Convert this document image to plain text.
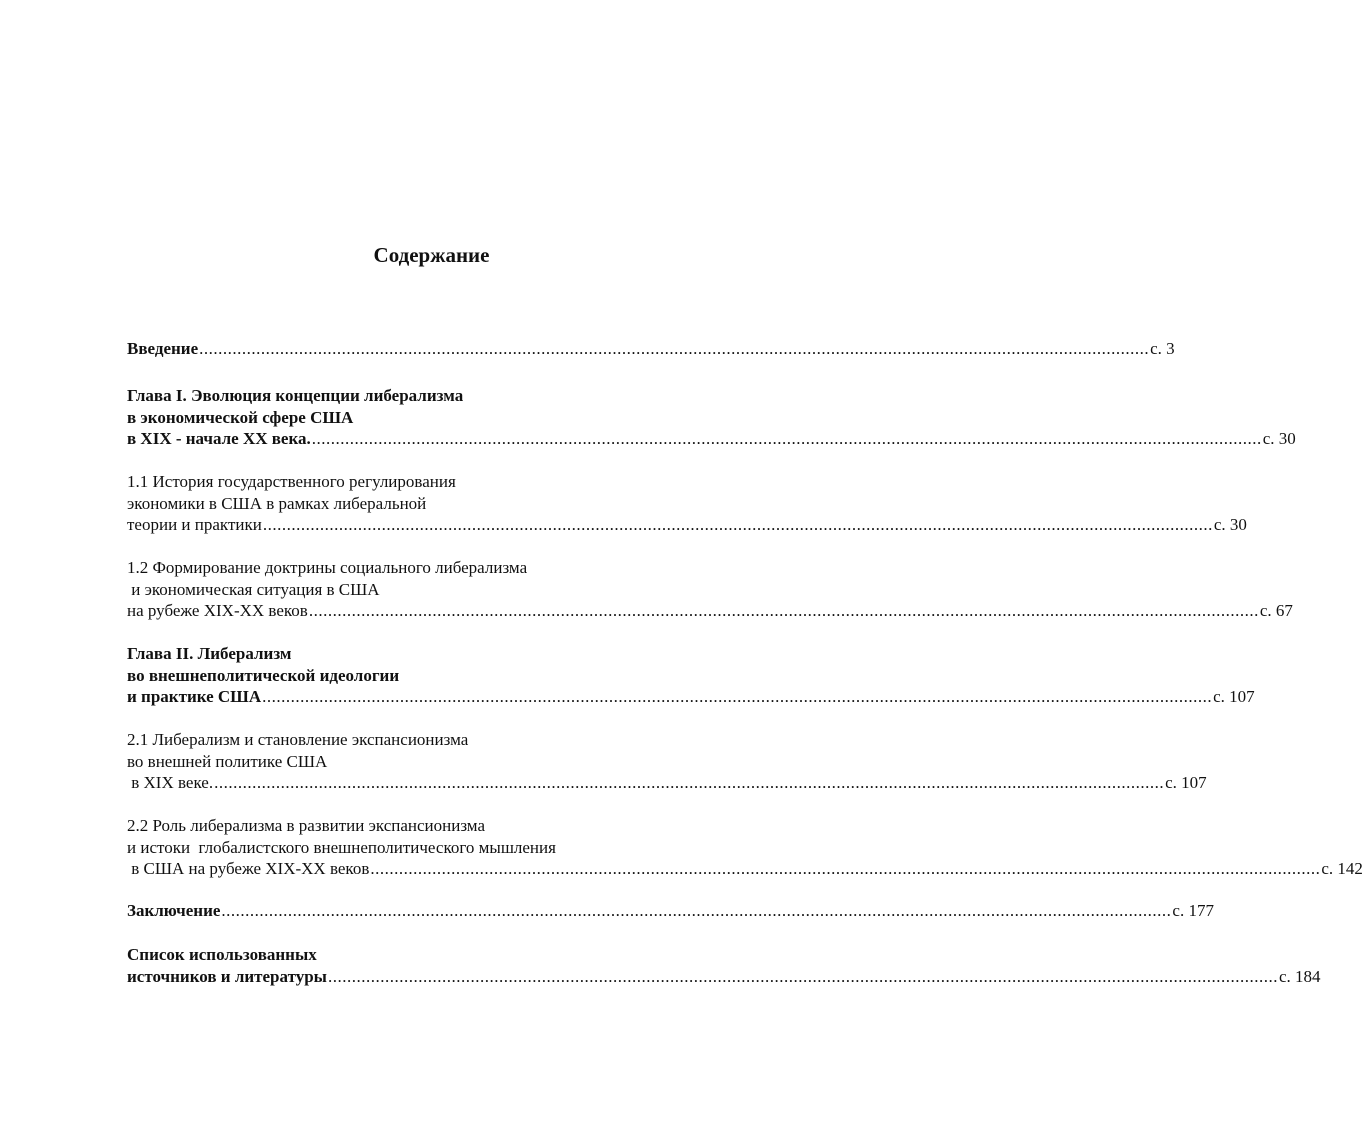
Содержание
Введение ........................................................................................................................................................................................................ с. 3
Глава I. Эволюция концепции либерализма
в экономической сфере США
в XIX - начале XX века. ........................................................................................................................................................................................................ с. 30
1.1 История государственного регулирования
экономики в США в рамках либеральной
теории и практики ........................................................................................................................................................................................................ с. 30
1.2 Формирование доктрины социального либерализма
и экономическая ситуация в США
на рубеже XIX-XX веков ........................................................................................................................................................................................................ с. 67
Глава II. Либерализм
во внешнеполитической идеологии
и практике США ........................................................................................................................................................................................................ с. 107
2.1 Либерализм и становление экспансионизма
во внешней политике США
в XIX веке. ........................................................................................................................................................................................................ с. 107
2.2 Роль либерализма в развитии экспансионизма
и истоки  глобалистского внешнеполитического мышления
в США на рубеже XIX-XX веков ........................................................................................................................................................................................................ с. 142
Заключение ........................................................................................................................................................................................................ с. 177
Список использованных
источников и литературы ........................................................................................................................................................................................................ с. 184
